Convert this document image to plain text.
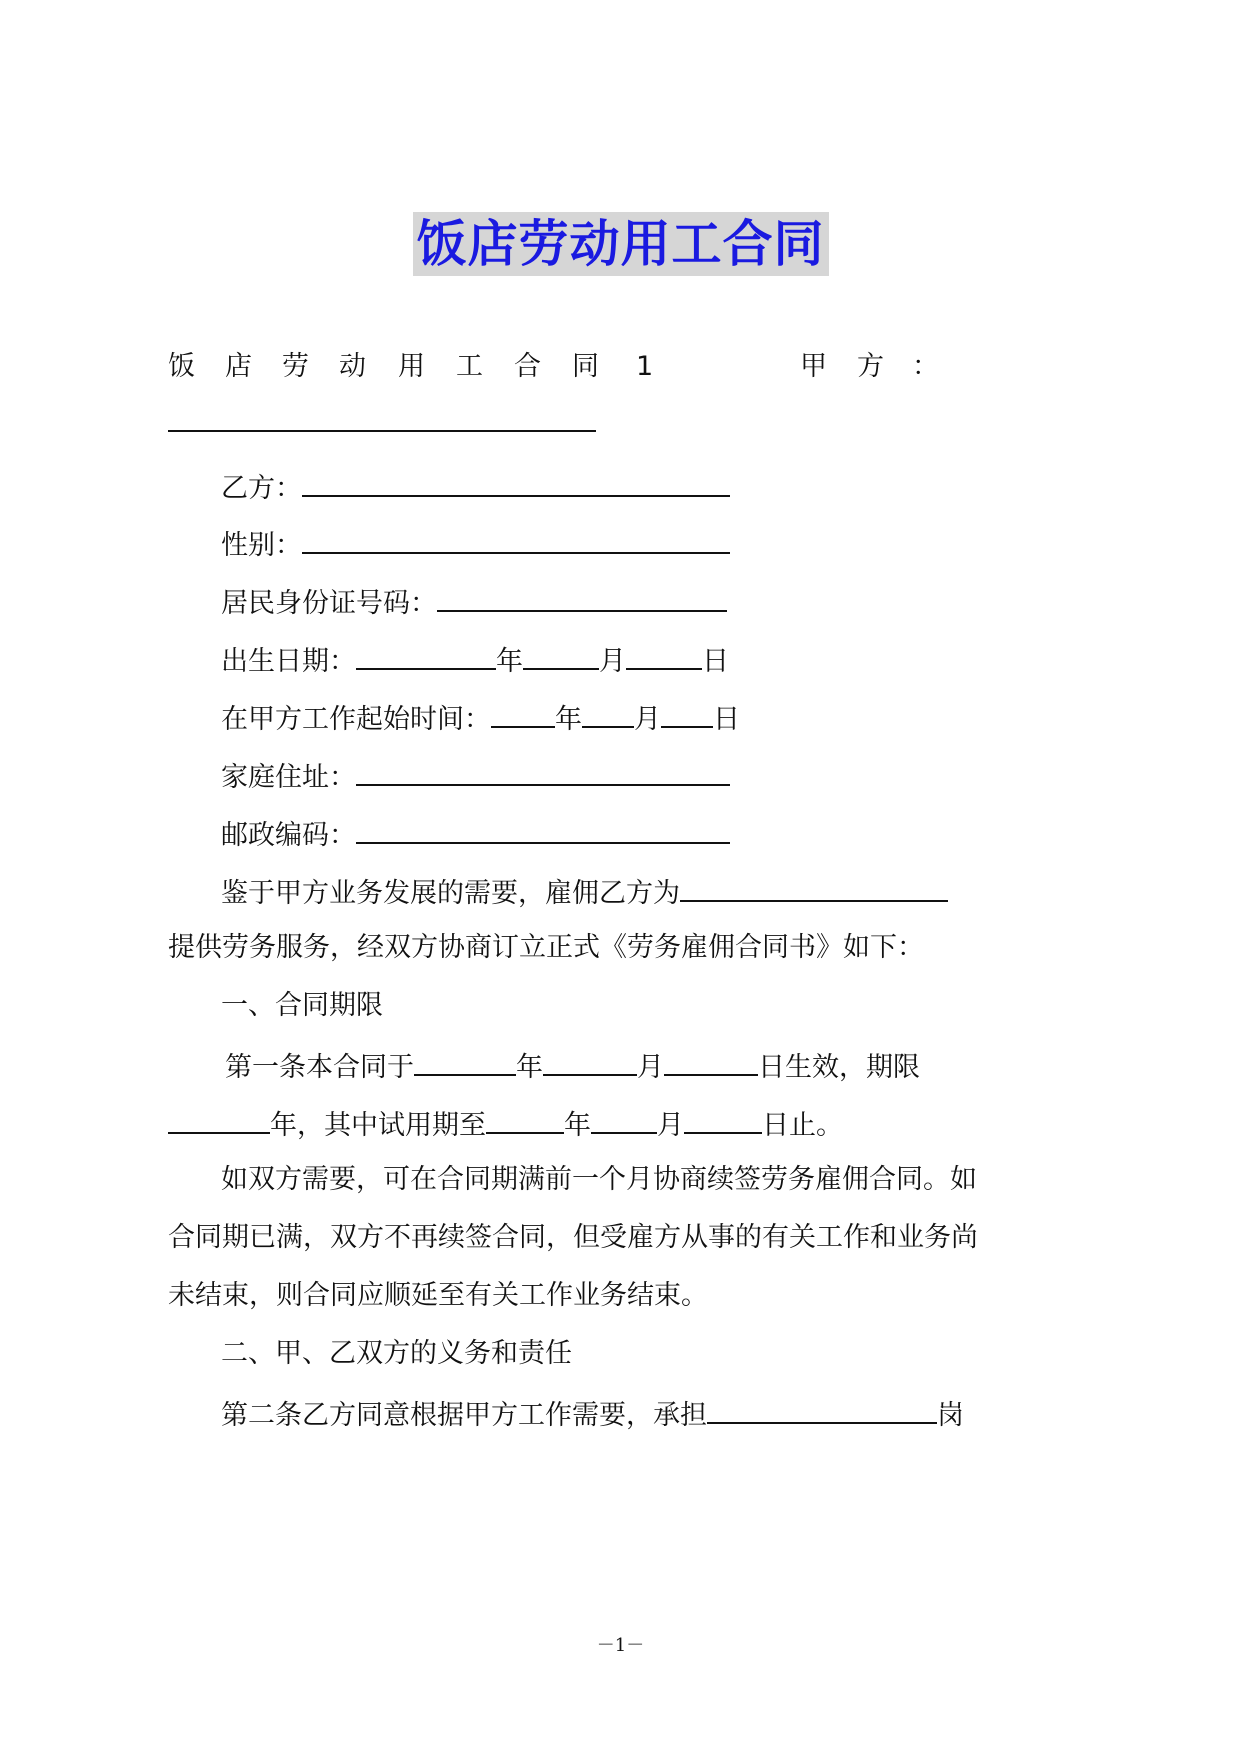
饭店劳动用工合同
饭 店 劳 动 用 工 合 同 1	甲 方 ：
乙方：
性别：
居民身份证号码：
出生日期：	年	月	日
在甲方工作起始时间： 年 月 日
家庭住址：
邮政编码：
鉴于甲方业务发展的需要，雇佣乙方为
提供劳务服务，经双方协商订立正式《劳务雇佣合同书》如下：
一、合同期限
第一条本合同于	年	月	日生效，期限
年，其中试用期至	年 月	日止。
如双方需要，可在合同期满前一个月协商续签劳务雇佣合同。如
合同期已满，双方不再续签合同，但受雇方从事的有关工作和业务尚
未结束，则合同应顺延至有关工作业务结束。
二、甲、乙双方的义务和责任
第二条乙方同意根据甲方工作需要，承担	岗
－1－
